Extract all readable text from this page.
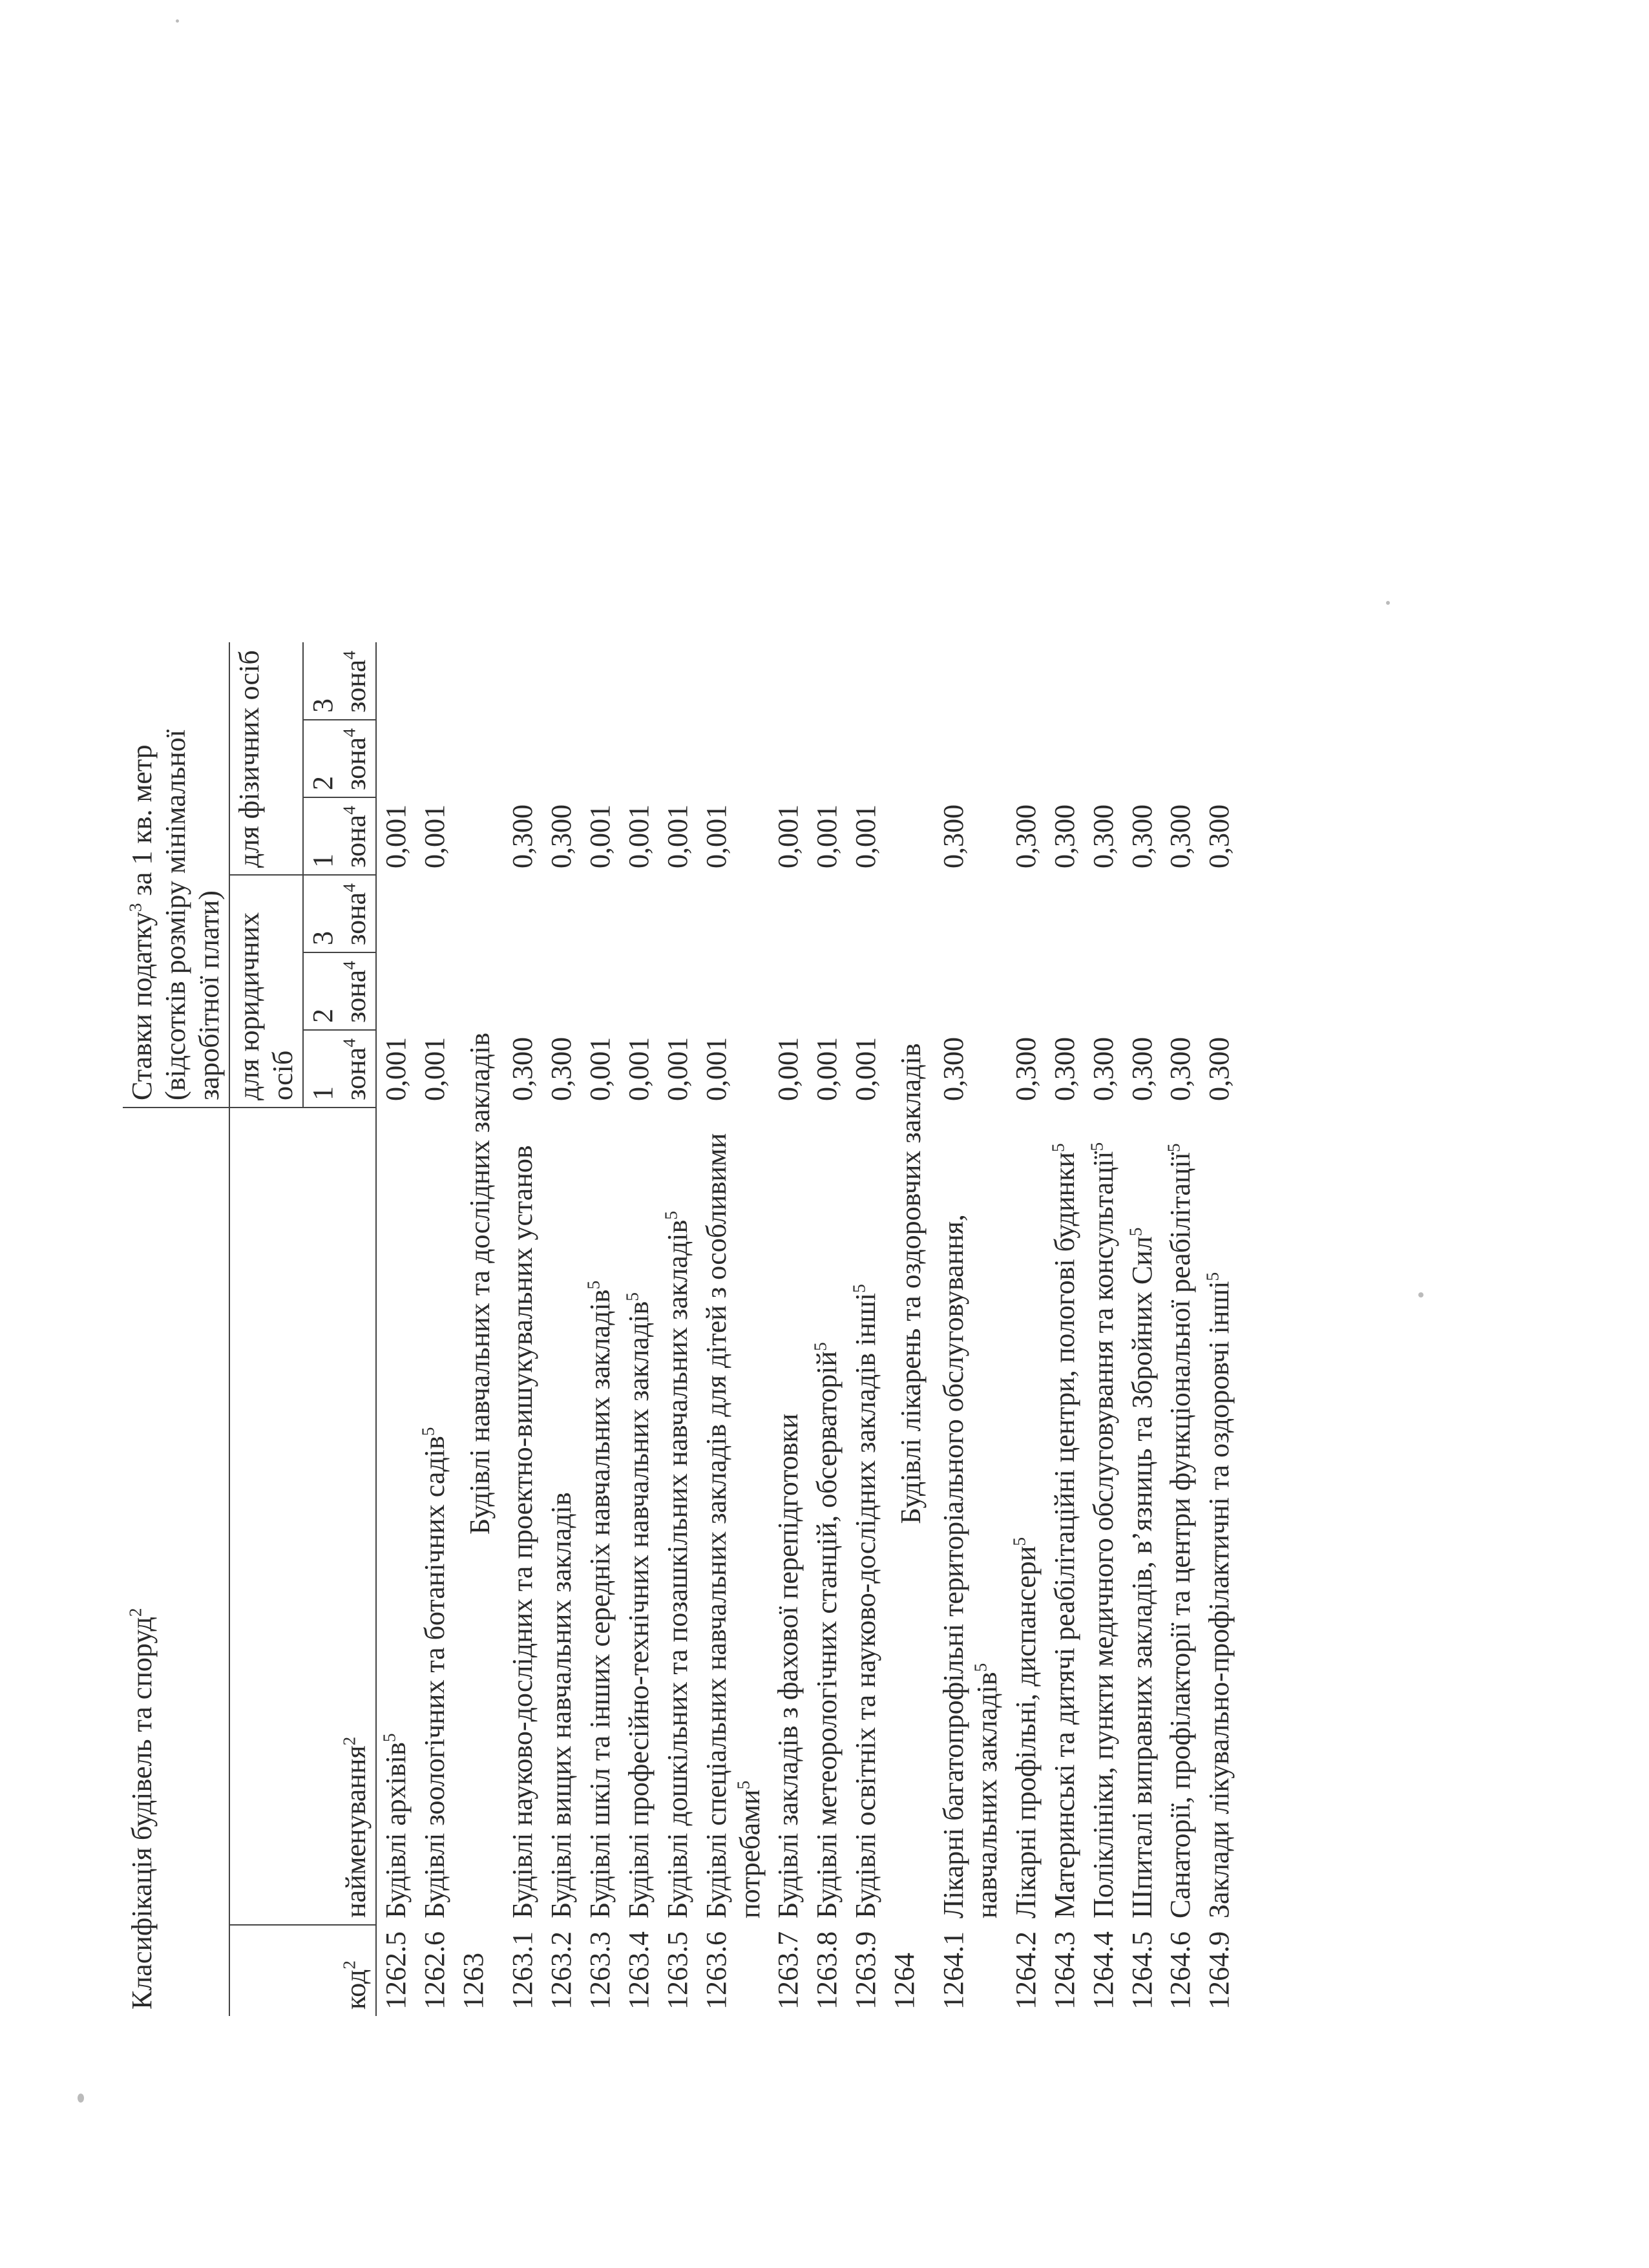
Класифікація будівель та споруд$^2$		Ставки податку$^3$ за 1 кв. метр
(відсотків розміру мінімальної заробітної плати)					
код$^2$	найменування$^2$	для юридичних осіб			для фізичних осіб		
		1 зона$^4$	2 зона$^4$	3 зона$^4$	1 зона$^4$	2 зона$^4$	3 зона$^4$
1262.5	Будівлі архівів$^5$	0,001			0,001		
1262.6	Будівлі зоологічних та ботанічних садів$^5$	0,001			0,001		
1263	Будівлі навчальних та дослідних закладів						
1263.1	Будівлі науково-дослідних та проектно-вишукувальних установ	0,300			0,300		
1263.2	Будівлі вищих навчальних закладів	0,300			0,300		
1263.3	Будівлі шкіл та інших середніх навчальних закладів$^5$	0,001			0,001		
1263.4	Будівлі професійно-технічних навчальних закладів$^5$	0,001			0,001		
1263.5	Будівлі дошкільних та позашкільних навчальних закладів$^5$	0,001			0,001		
1263.6	Будівлі спеціальних навчальних закладів для дітей з особливими потребами$^5$	0,001			0,001		
1263.7	Будівлі закладів з фахової перепідготовки	0,001			0,001		
1263.8	Будівлі метеорологічних станцій, обсерваторій$^5$	0,001			0,001		
1263.9	Будівлі освітніх та науково-дослідних закладів інші$^5$	0,001			0,001		
1264	Будівлі лікарень та оздоровчих закладів						
1264.1	Лікарні багатопрофільні територіального обслуговування, навчальних закладів$^5$	0,300			0,300		
1264.2	Лікарні профільні, диспансери$^5$	0,300			0,300		
1264.3	Материнські та дитячі реабілітаційні центри, пологові будинки$^5$	0,300			0,300		
1264.4	Поліклініки, пункти медичного обслуговування та консультації$^5$	0,300			0,300		
1264.5	Шпиталі виправних закладів, в’язниць та Збройних Сил$^5$	0,300			0,300		
1264.6	Санаторії, профілакторії та центри функціональної реабілітації$^5$	0,300			0,300		
1264.9	Заклади лікувально-профілактичні та оздоровчі інші$^5$	0,300			0,300		
